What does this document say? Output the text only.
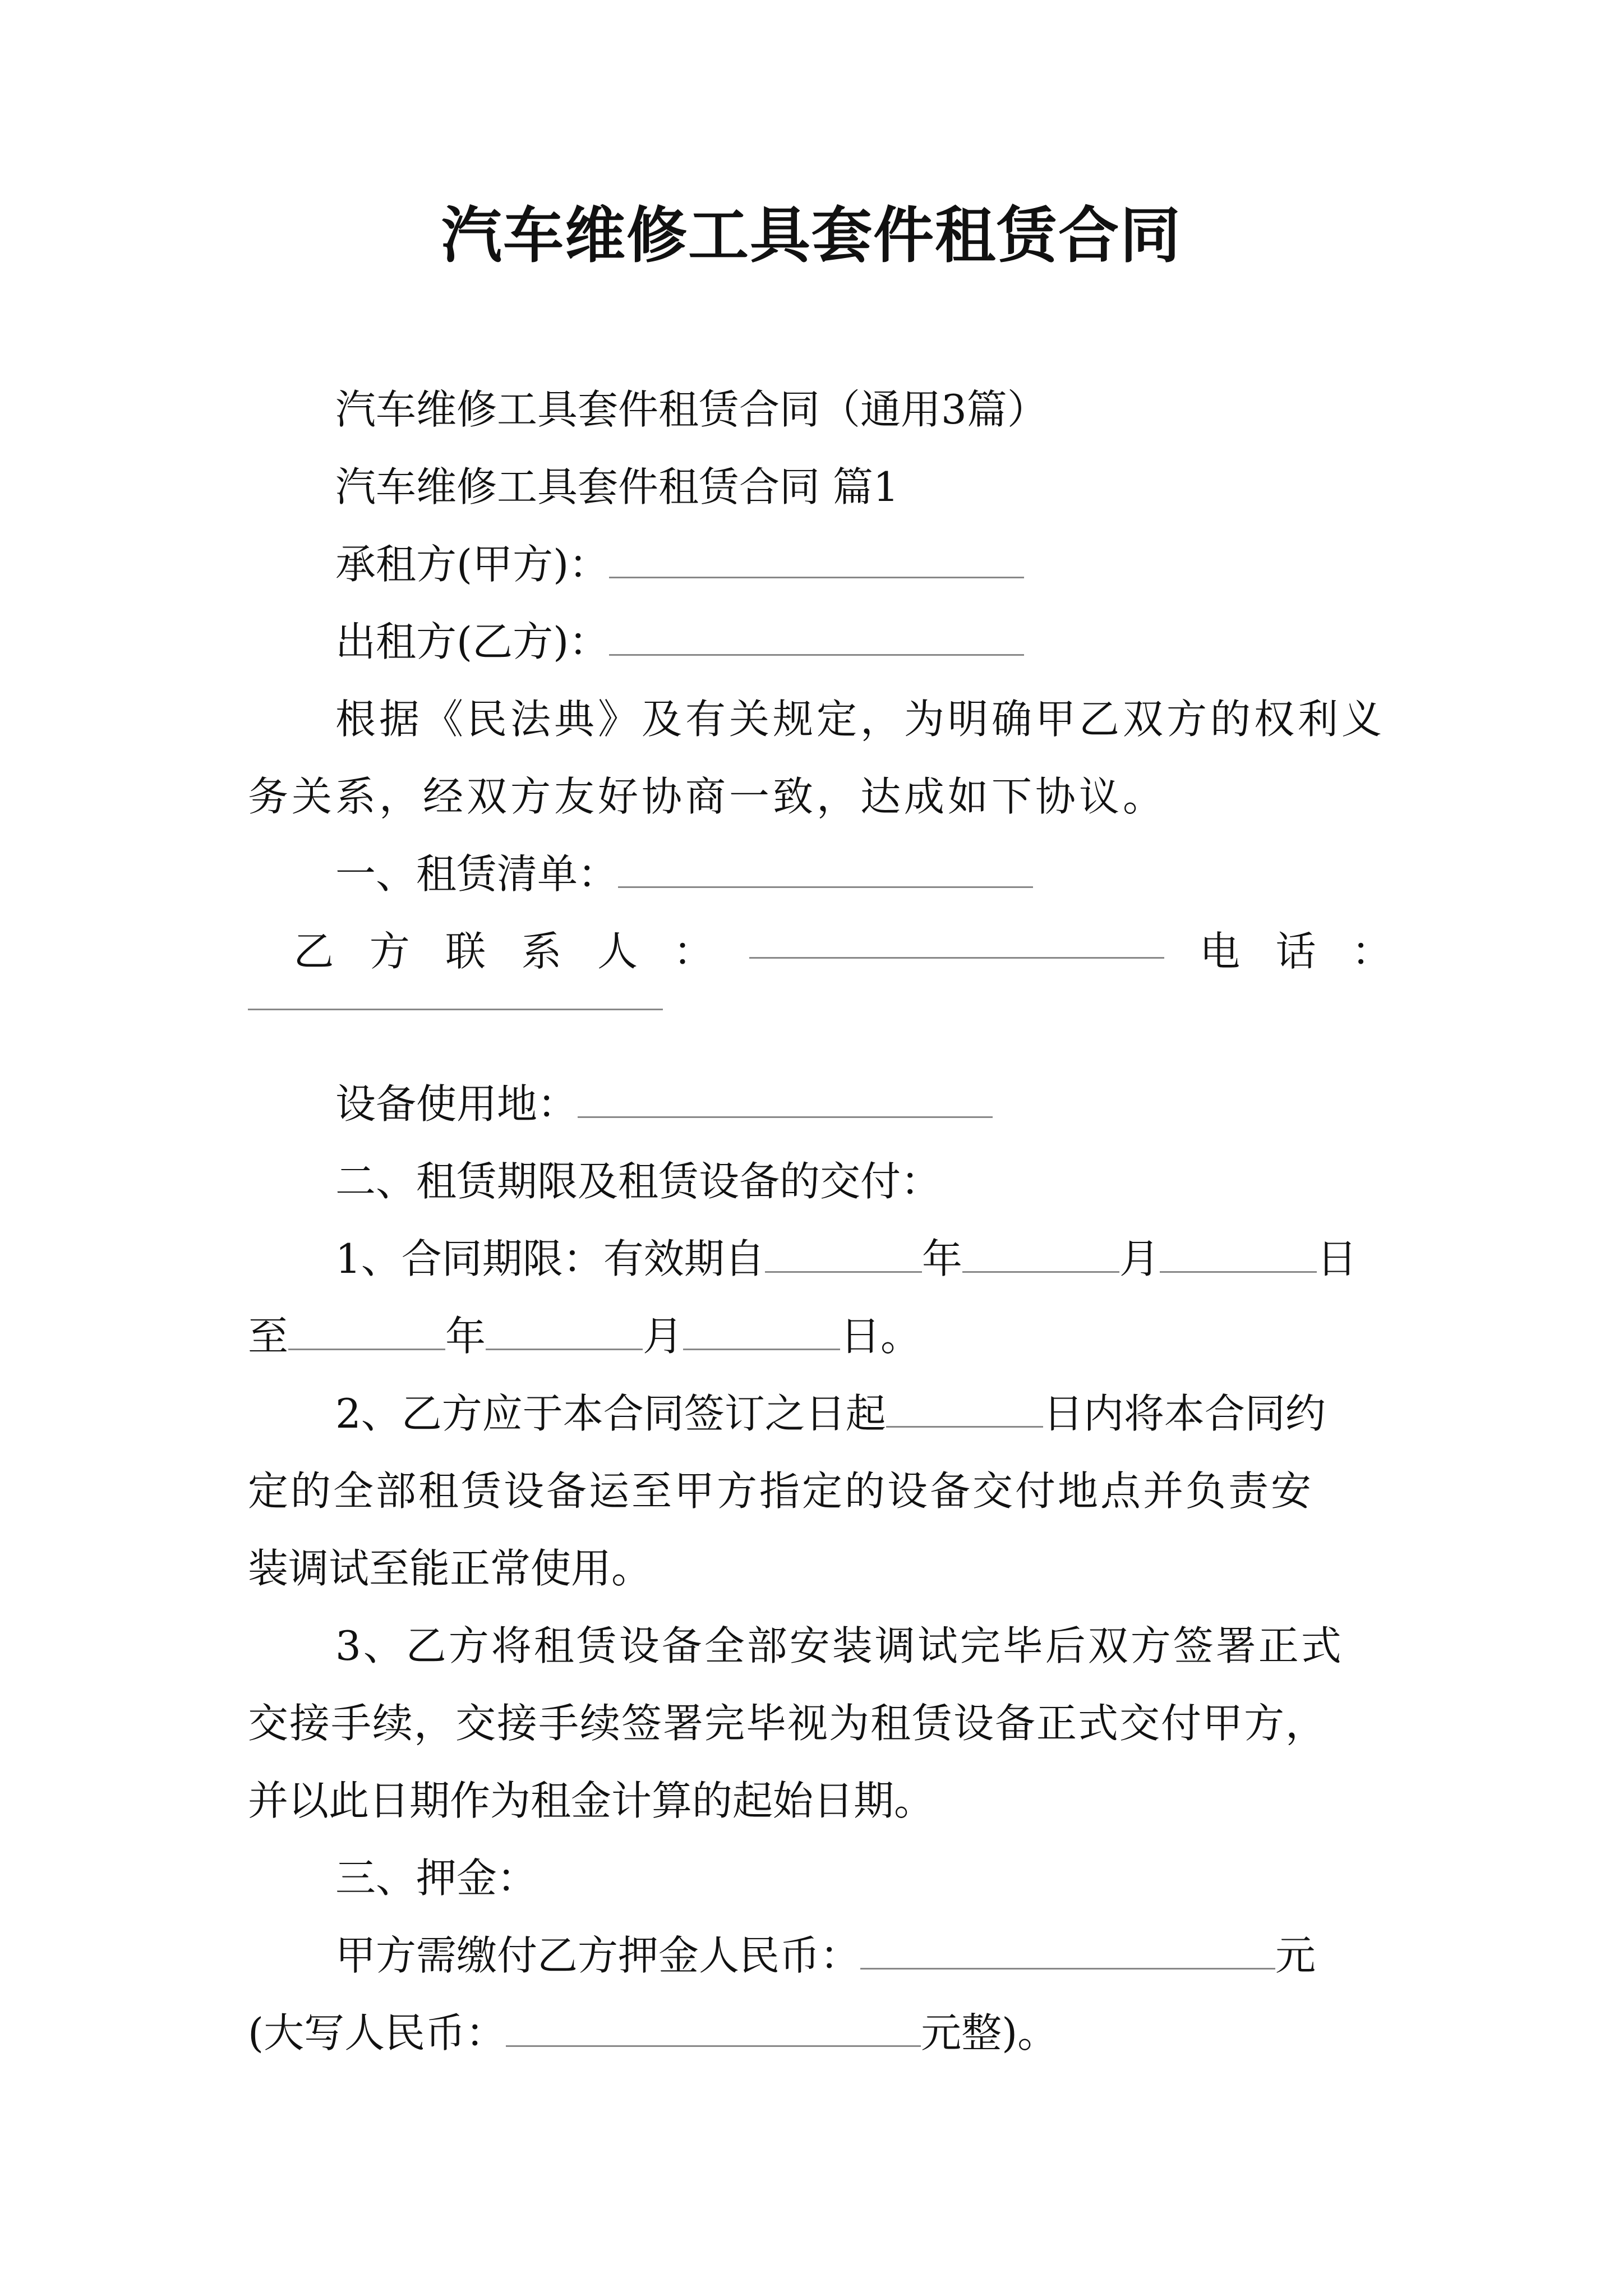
汽车维修工具套件租赁合同
汽车维修工具套件租赁合同（通用3篇）
汽车维修工具套件租赁合同 篇1
承租方(甲方)：
出租方(乙方)：
根据《民法典》及有关规定，为明确甲乙双方的权利义
务关系，经双方友好协商一致，达成如下协议。
一、租赁清单：
乙 方 联 系 人 ：	电 话 ：
设备使用地：
二、租赁期限及租赁设备的交付：
1、合同期限：有效期自	年	月	日
至	年	月	日。
2、乙方应于本合同签订之日起	日内将本合同约
定的全部租赁设备运至甲方指定的设备交付地点并负责安
装调试至能正常使用。
3、乙方将租赁设备全部安装调试完毕后双方签署正式
交接手续，交接手续签署完毕视为租赁设备正式交付甲方，
并以此日期作为租金计算的起始日期。
三、押金：
甲方需缴付乙方押金人民币：	元
(大写人民币：	元整)。
